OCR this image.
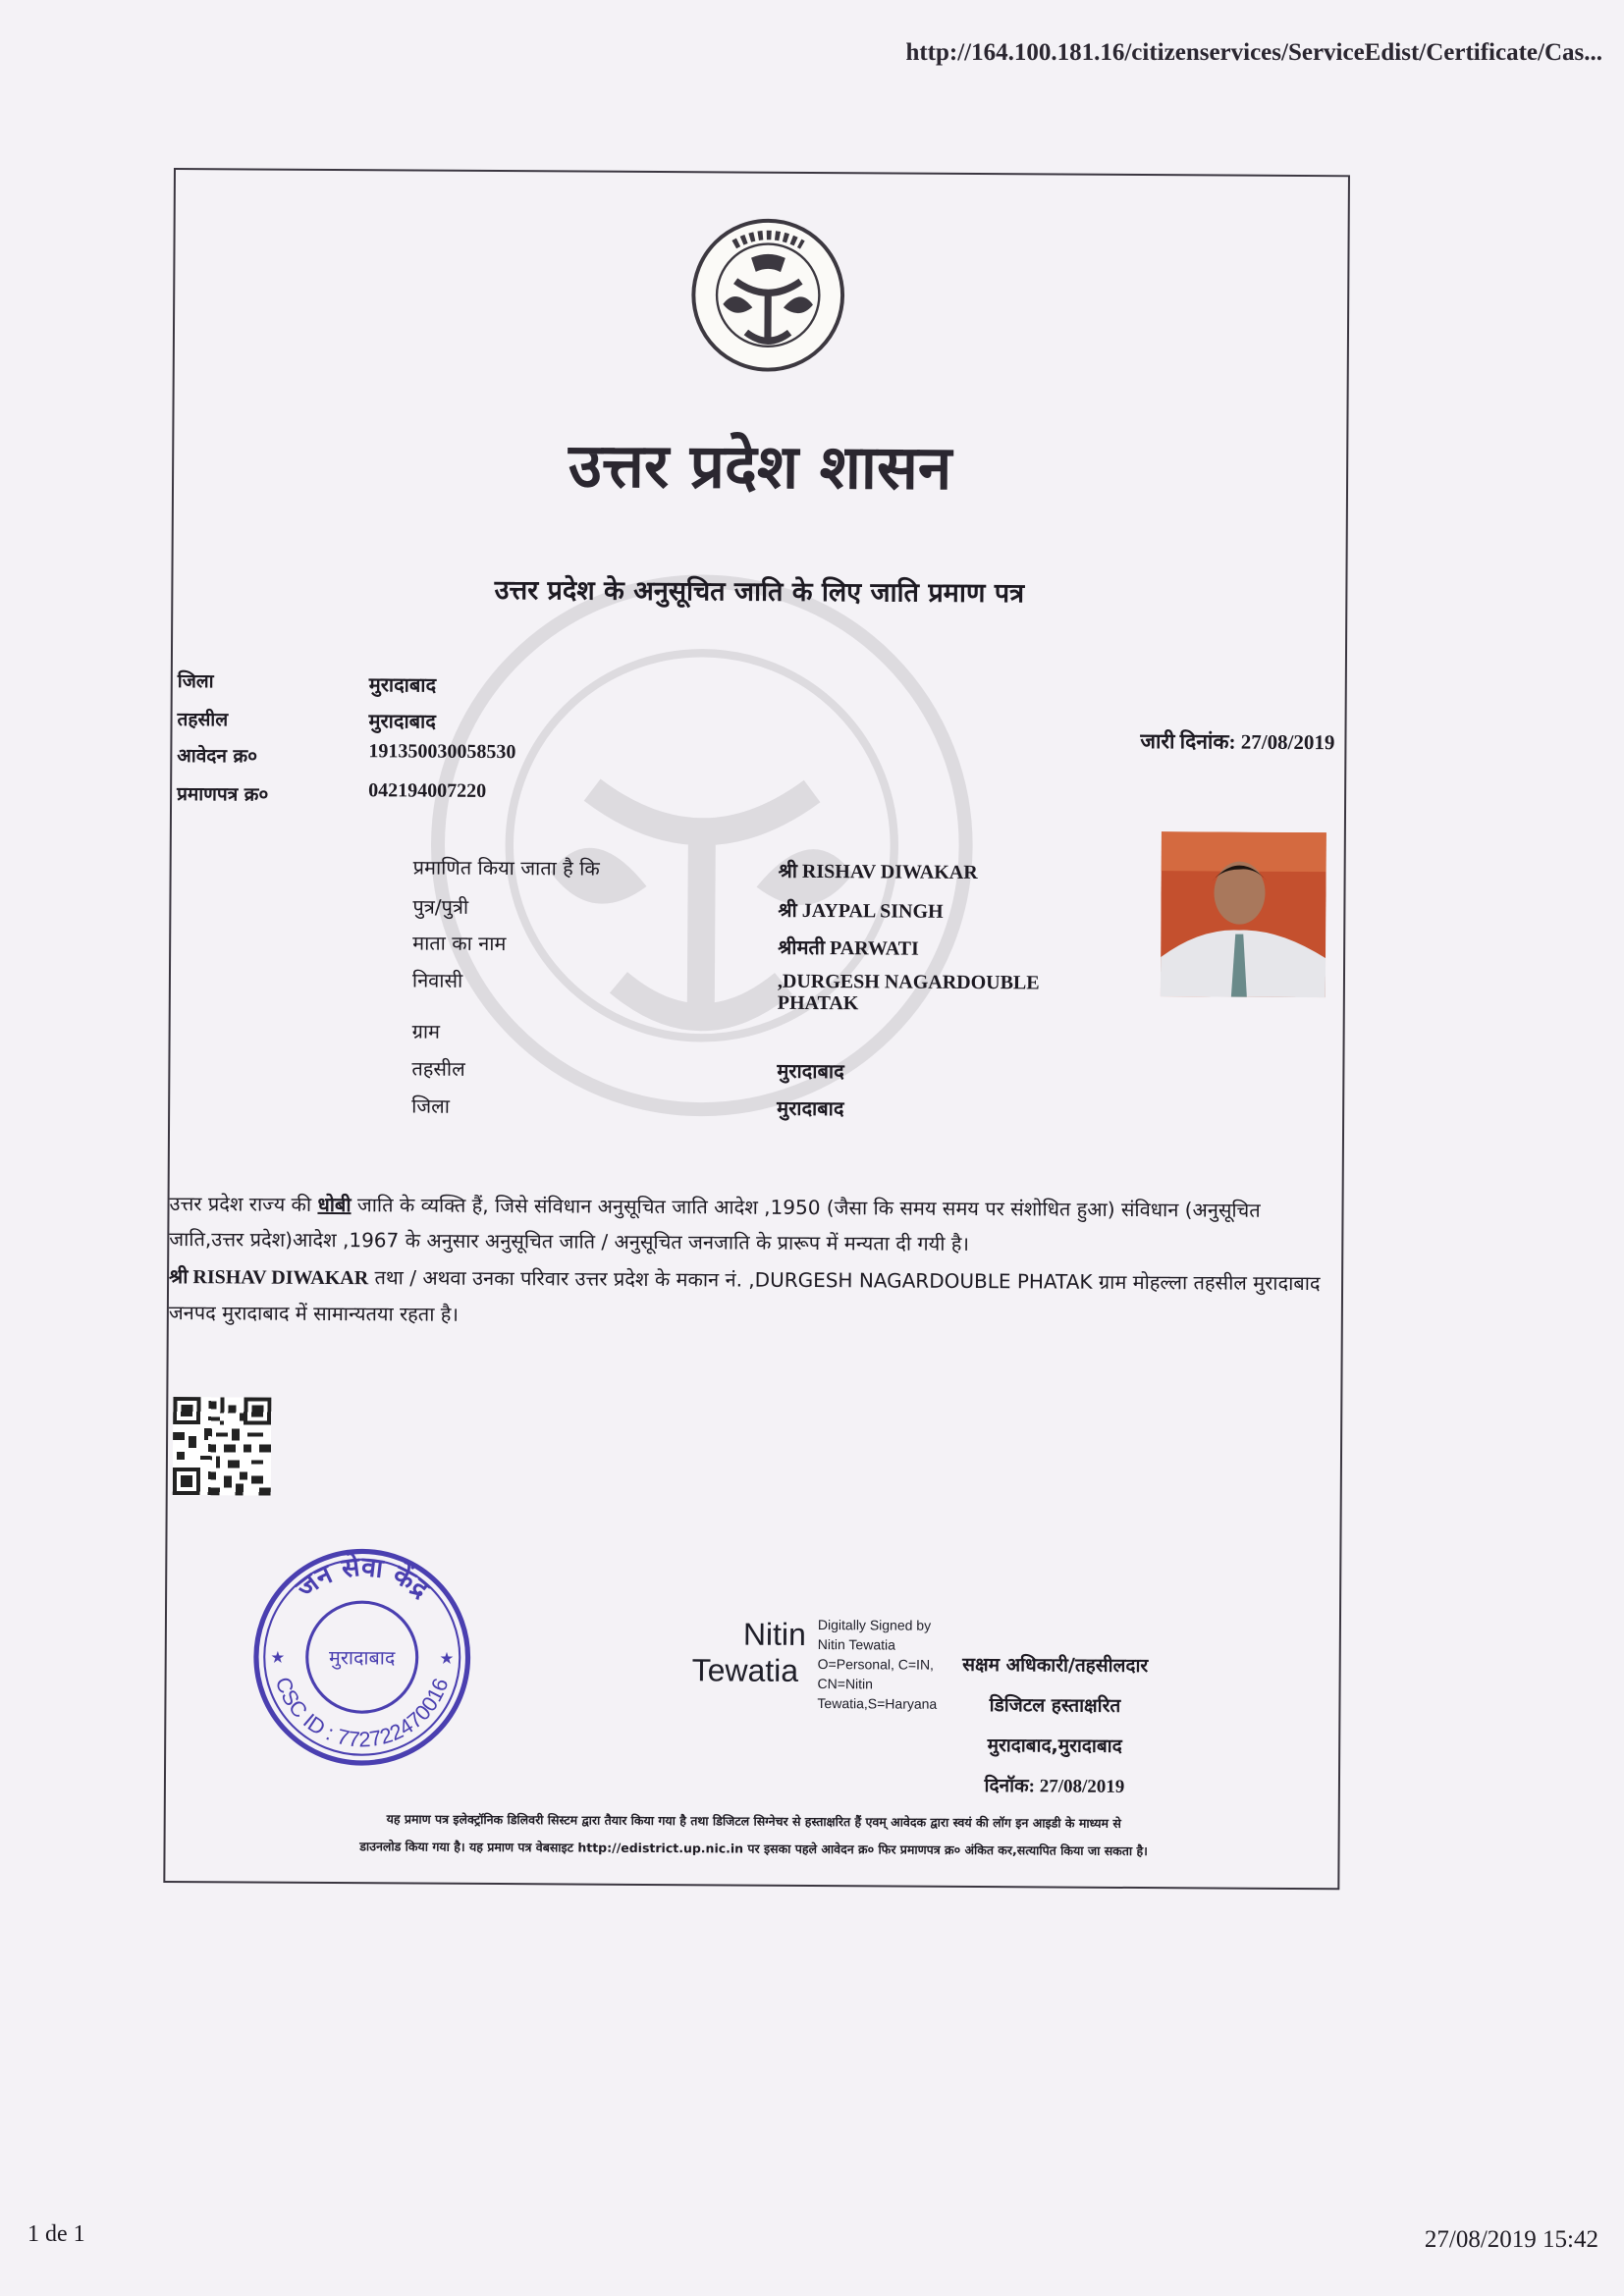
http://164.100.181.16/citizenservices/ServiceEdist/Certificate/Cas...
उत्तर प्रदेश शासन
उत्तर प्रदेश के अनुसूचित जाति के लिए जाति प्रमाण पत्र
जिला	मुरादाबाद
तहसील	मुरादाबाद
आवेदन क्र०	191350030058530
प्रमाणपत्र क्र०	042194007220
जारी दिनांक: 27/08/2019
प्रमाणित किया जाता है कि	श्री RISHAV DIWAKAR
पुत्र/पुत्री	श्री JAYPAL SINGH
माता का नाम	श्रीमती PARWATI
निवासी	,DURGESH NAGARDOUBLE PHATAK
ग्राम
तहसील	मुरादाबाद
जिला	मुरादाबाद

उत्तर प्रदेश राज्य की धोबी जाति के व्यक्ति हैं, जिसे संविधान अनुसूचित जाति आदेश ,1950 (जैसा कि समय समय पर संशोधित हुआ) संविधान (अनुसूचित जाति,उत्तर प्रदेश)आदेश ,1967 के अनुसार अनुसूचित जाति / अनुसूचित जनजाति के प्रारूप में मन्यता दी गयी है।

श्री RISHAV DIWAKAR तथा / अथवा उनका परिवार उत्तर प्रदेश के मकान नं. ,DURGESH NAGARDOUBLE PHATAK ग्राम मोहल्ला तहसील मुरादाबाद जनपद मुरादाबाद में सामान्यतया रहता है।

जन सेवा केंद्र
मुरादाबाद
CSC ID : 772722470016
★	★
Nitin
Tewatia
Digitally Signed by
Nitin Tewatia
O=Personal, C=IN,
CN=Nitin
Tewatia,S=Haryana
सक्षम अधिकारी/तहसीलदार
डिजिटल हस्ताक्षरित
मुरादाबाद,मुरादाबाद
दिनॉक: 27/08/2019
यह प्रमाण पत्र इलेक्ट्रॉनिक डिलिवरी सिस्टम द्वारा तैयार किया गया है तथा डिजिटल सिग्नेचर से हस्ताक्षरित हैं एवम् आवेदक द्वारा स्वयं की लॉग इन आइडी के माध्यम से
डाउनलोड किया गया है। यह प्रमाण पत्र वेबसाइट http://edistrict.up.nic.in पर इसका पहले आवेदन क्र० फिर प्रमाणपत्र क्र० अंकित कर,सत्यापित किया जा सकता है।
1 de 1	27/08/2019 15:42
